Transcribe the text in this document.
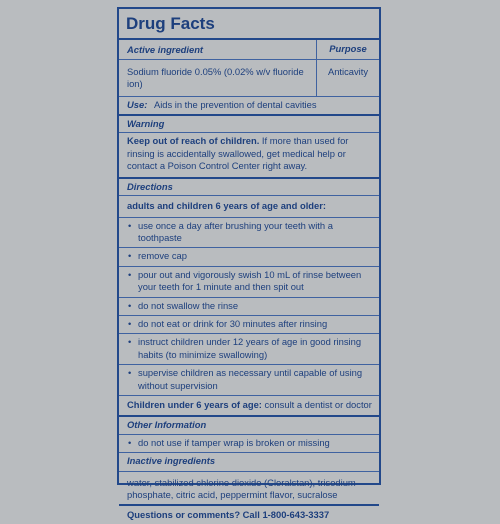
Drug Facts
Active ingredient	Purpose
Sodium fluoride 0.05% (0.02% w/v fluoride ion)
Anticavity
Use: Aids in the prevention of dental cavities
Warning
Keep out of reach of children. If more than used for rinsing is accidentally swallowed, get medical help or contact a Poison Control Center right away.
Directions
adults and children 6 years of age and older:
• use once a day after brushing your teeth with a toothpaste
• remove cap
• pour out and vigorously swish 10 mL of rinse between your teeth for 1 minute and then spit out
• do not swallow the rinse
• do not eat or drink for 30 minutes after rinsing
• instruct children under 12 years of age in good rinsing habits (to minimize swallowing)
• supervise children as necessary until capable of using without supervision
Children under 6 years of age: consult a dentist or doctor
Other Information
• do not use if tamper wrap is broken or missing
Inactive ingredients
water, stabilized chlorine dioxide (Cloralstan), trisodium phosphate, citric acid, peppermint flavor, sucralose
Questions or comments? Call 1-800-643-3337
